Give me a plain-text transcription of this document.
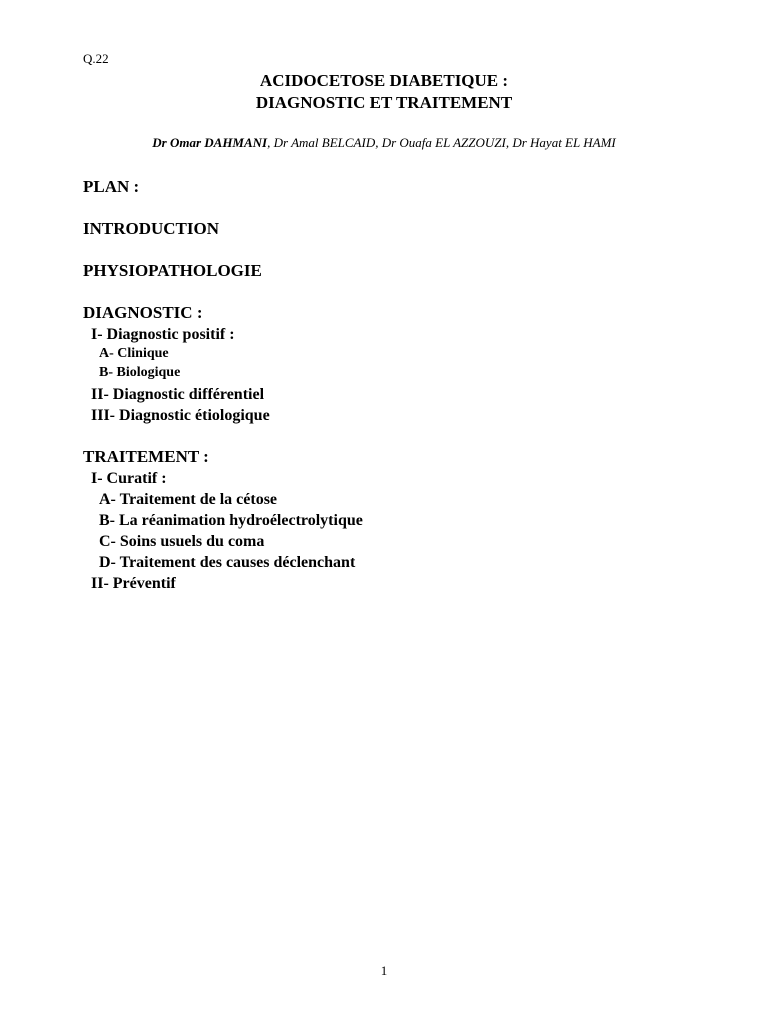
Q.22
ACIDOCETOSE DIABETIQUE :
DIAGNOSTIC ET TRAITEMENT
Dr Omar DAHMANI, Dr Amal BELCAID, Dr Ouafa EL AZZOUZI, Dr Hayat EL HAMI
PLAN :
INTRODUCTION
PHYSIOPATHOLOGIE
DIAGNOSTIC :
I- Diagnostic positif :
A- Clinique
B- Biologique
II- Diagnostic différentiel
III- Diagnostic étiologique
TRAITEMENT :
I- Curatif :
A- Traitement de la cétose
B- La réanimation hydroélectrolytique
C- Soins usuels du coma
D- Traitement des causes déclenchant
II- Préventif
1
